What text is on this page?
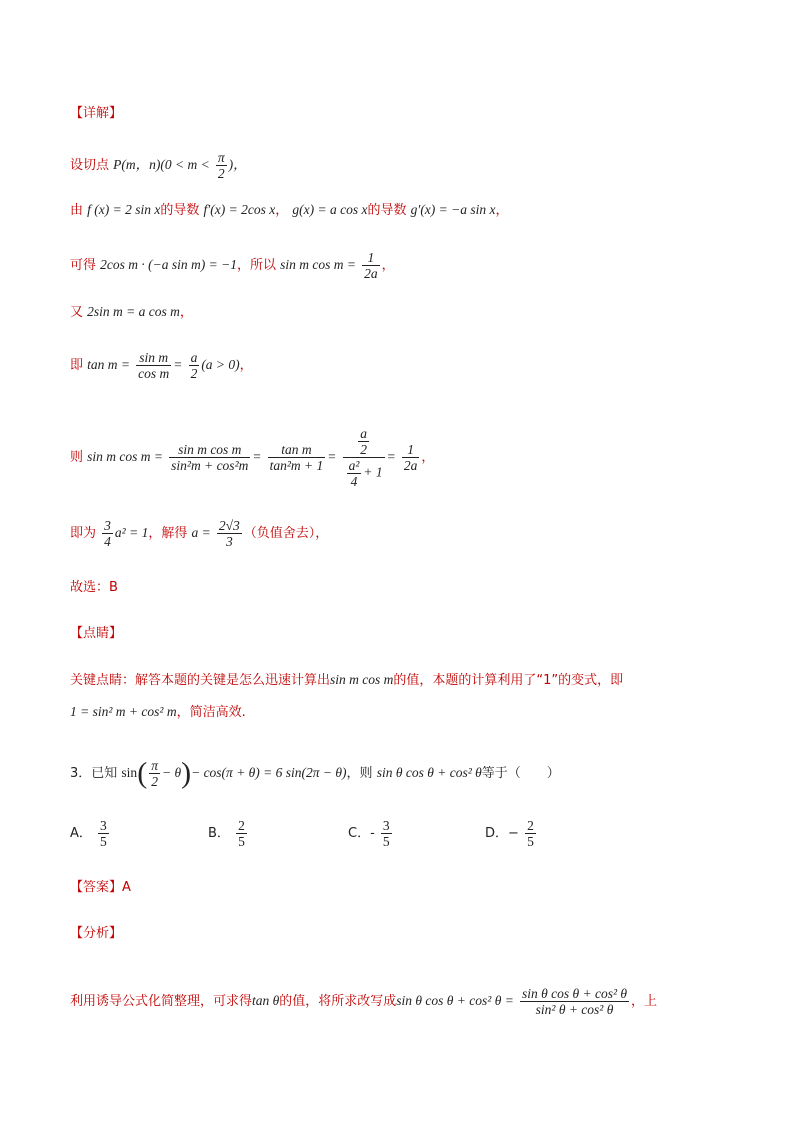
【详解】
设切点 P(m，$n)(0 < m < \frac{\pi}{2}$ )，
由 f (x) = 2 sin x的导数 f′(x) = 2cos x， g(x) = a cos x的导数 g′(x) = −a sin x，
可得 2cos m · (−a sin m) = −1，所以 sin m $\cos m = \frac{1}{2a}$ ，
又 2sin m = a cos m，
即 $\tan m = \frac{\text{sin m}}{\text{cos m}} = \frac{a}{2} (a > 0)$，
则 sin m $\cos m = \frac{\text{sin m cos m}}{\text{sin²m + cos²m}} = \frac{\text{tan m}}{\text{tan²m + 1}} = \frac{\frac{a}{2}}{\frac{\text{a²}}{4} + 1} = \frac{1}{2a}$ ，
即为 $\frac{3}{4} a^2 = 1$，解得 $a = \frac{2√3}{3}$ （负值舍去），
故选：B
【点睛】
关键点睛：解答本题的关键是怎么迅速计算出sin m cos m的值，本题的计算利用了“1”的变式，即
1 = sin² m + cos² m，简洁高效.
3．已知 $\sin( \frac{\pi}{2} - \theta)- \cos(\pi + \theta) = 6$ sin(2π − θ)，则 sin θ cos θ + cos² θ等于（　　）
A． $\frac{3}{5}$	B． $\frac{2}{5}$	C．- $\frac{3}{5}$	D．− $\frac{2}{5}$
【答案】A
【分析】
利用诱导公式化简整理，可求得tan θ的值，将所求改写成sin θ cos θ + cos² $\theta = \frac{\text{sin θ cos θ + cos² θ}}{\text{sin² θ + cos² θ}}$ ，上
